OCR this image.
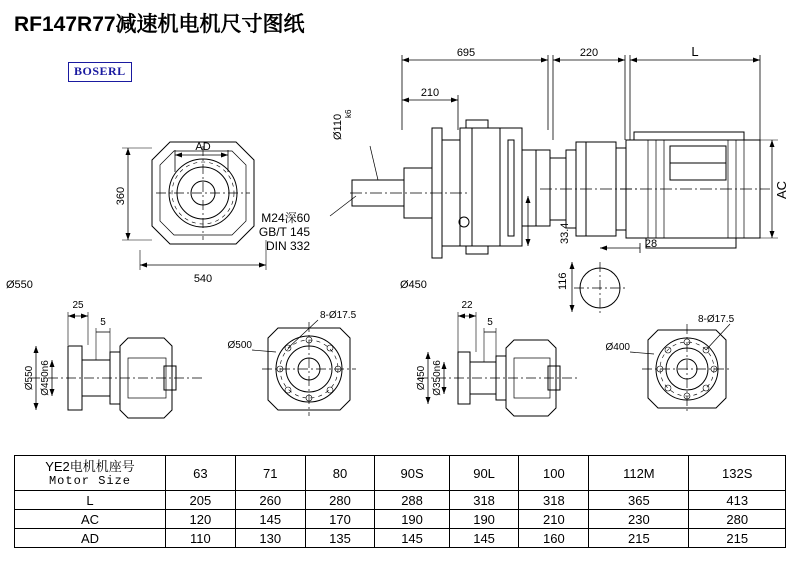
RF147R77减速机电机尺寸图纸
BOSERL
695	220	L
210
AD
540
33.4	28
116
360	AC
Ø110
k6
M24深60
GB/T 145
DIN 332
Ø550	Ø450
25
5
22
5
8-Ø17.5	8-Ø17.5
Ø550 Ø450n6
Ø500
Ø450 Ø350n6
Ø400
YE2电机机座号
Motor Size	63	71	80	90S	90L	100	112M	132S
L	205	260	280	288	318	318	365	413
AC	120	145	170	190	190	210	230	280
AD	110	130	135	145	145	160	215	215
